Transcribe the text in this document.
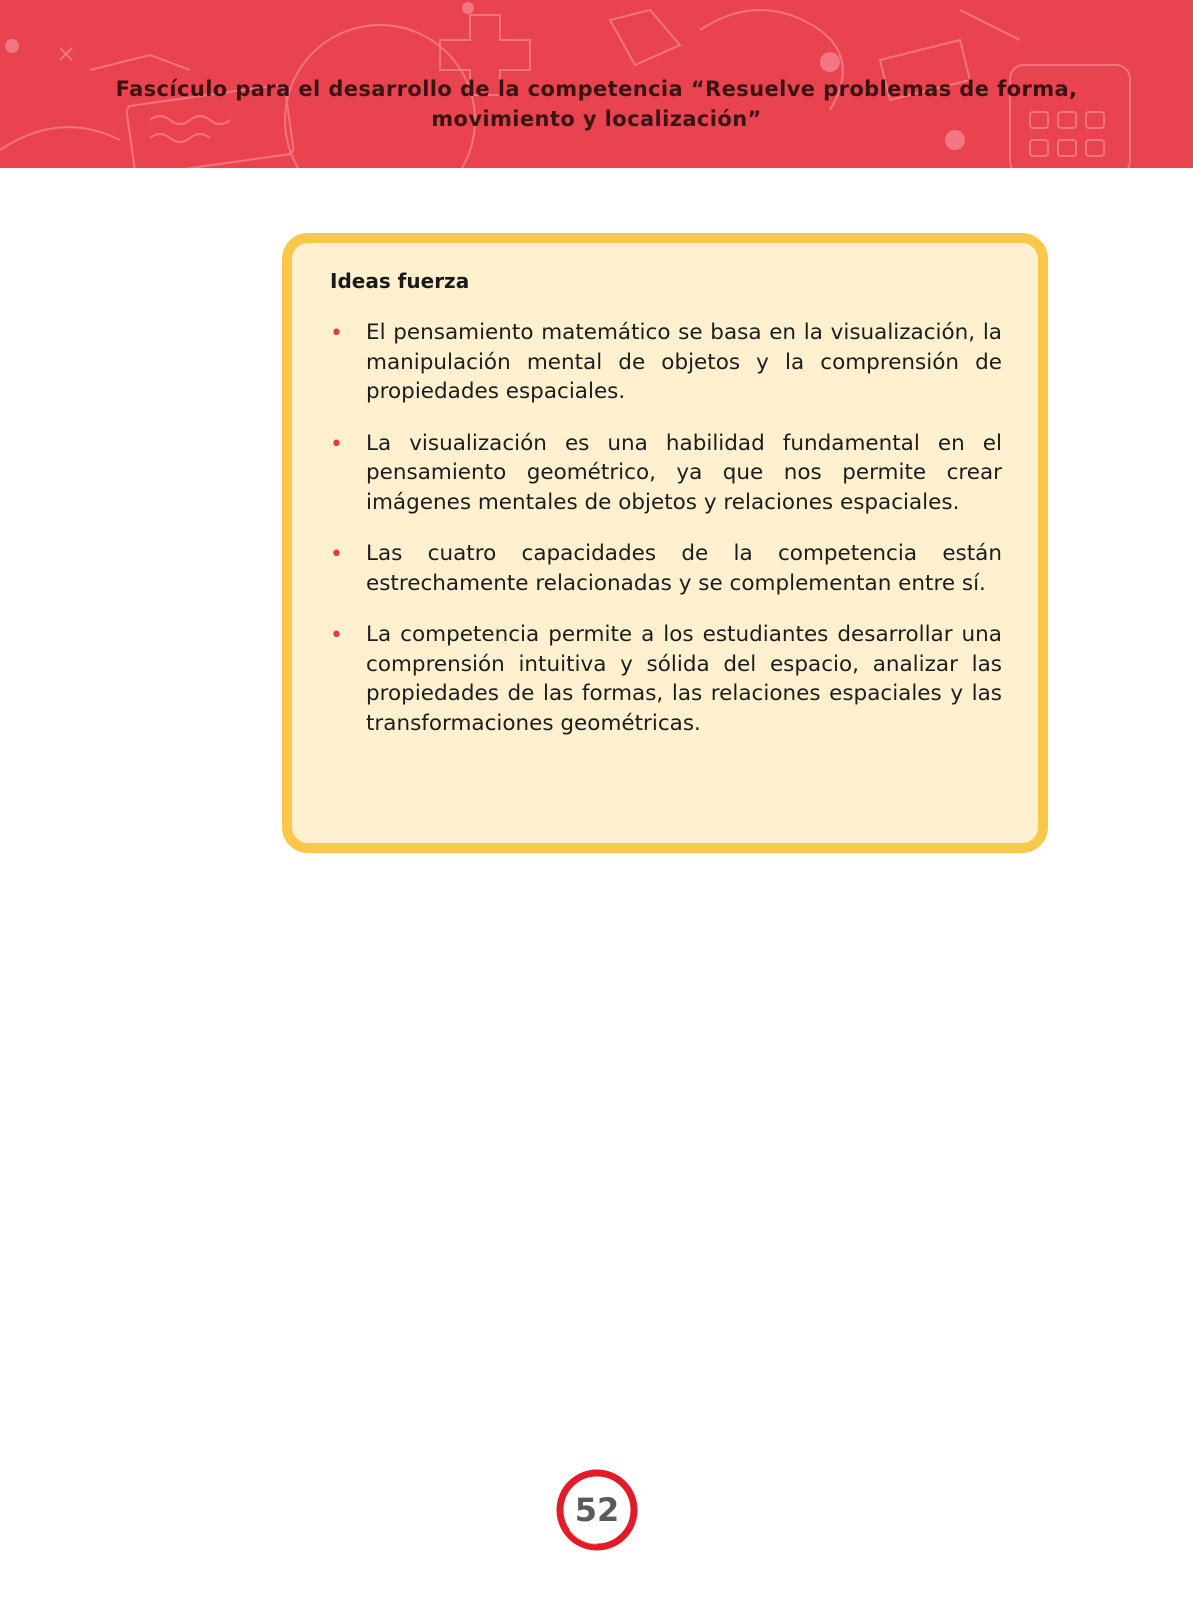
Fascículo para el desarrollo de la competencia “Resuelve problemas de forma,
movimiento y localización”
Ideas fuerza
• El pensamiento matemático se basa en la visualización, la manipulación mental de objetos y la comprensión de propiedades espaciales.
• La visualización es una habilidad fundamental en el pensamiento geométrico, ya que nos permite crear imágenes mentales de objetos y relaciones espaciales.
• Las cuatro capacidades de la competencia están estrechamente relacionadas y se complementan entre sí.
• La competencia permite a los estudiantes desarrollar una comprensión intuitiva y sólida del espacio, analizar las propiedades de las formas, las relaciones espaciales y las transformaciones geométricas.
52
